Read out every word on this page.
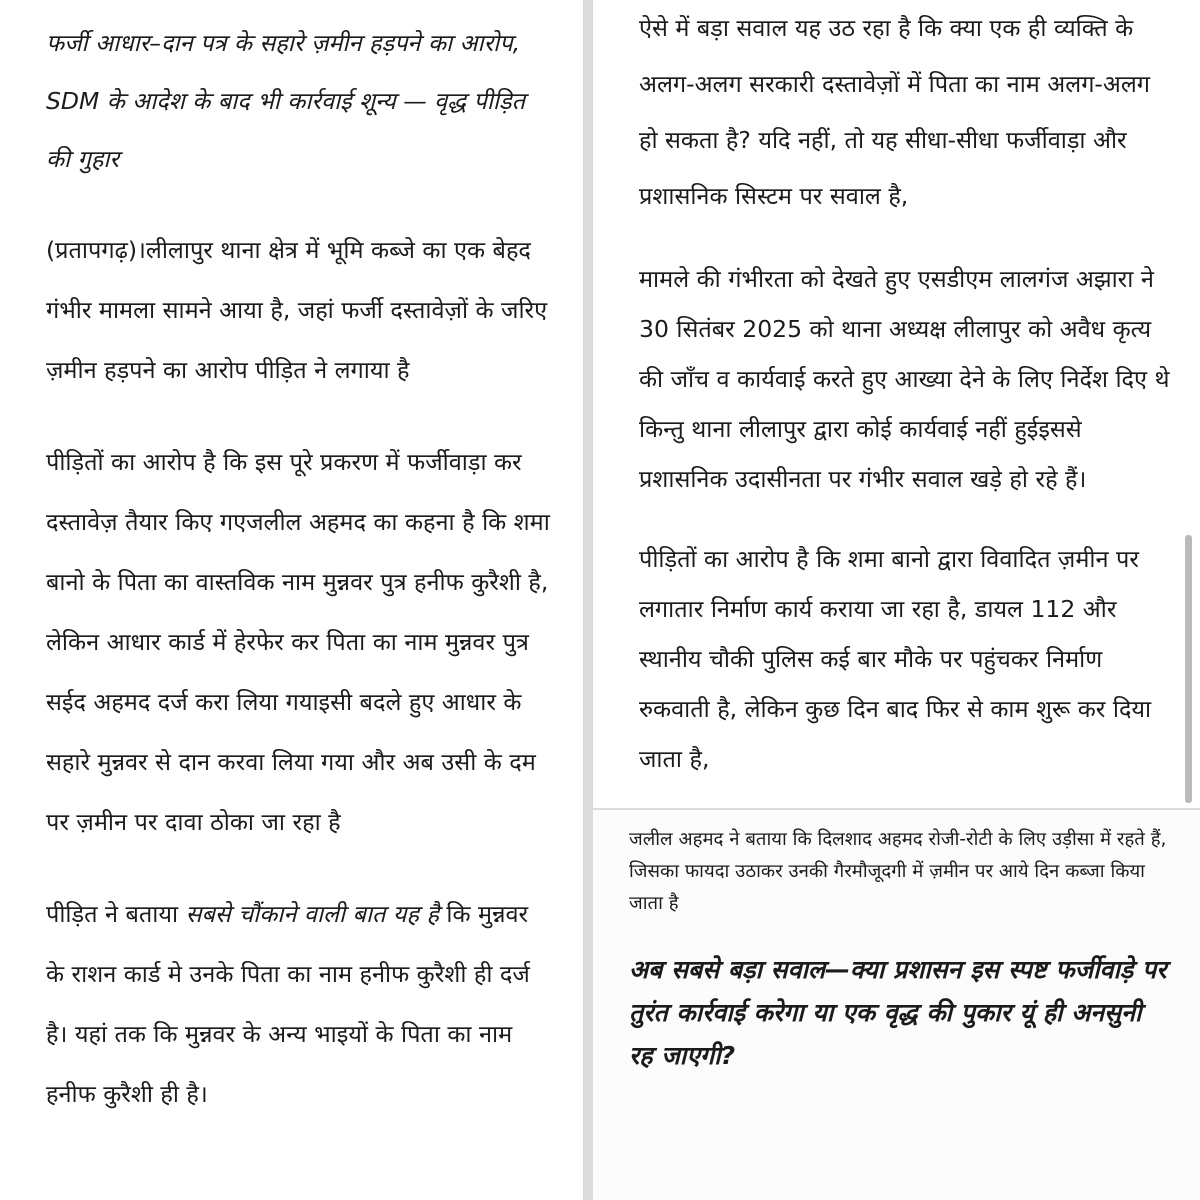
फर्जी आधार–दान पत्र के सहारे ज़मीन हड़पने का आरोप, SDM के आदेश के बाद भी कार्रवाई शून्य — वृद्ध पीड़ित की गुहार

(प्रतापगढ़)।लीलापुर थाना क्षेत्र में भूमि कब्जे का एक बेहद गंभीर मामला सामने आया है, जहां फर्जी दस्तावेज़ों के जरिए ज़मीन हड़पने का आरोप पीड़ित ने लगाया है

पीड़ितों का आरोप है कि इस पूरे प्रकरण में फर्जीवाड़ा कर दस्तावेज़ तैयार किए गएजलील अहमद का कहना है कि शमा बानो के पिता का वास्तविक नाम मुन्नवर पुत्र हनीफ कुरैशी है, लेकिन आधार कार्ड में हेरफेर कर पिता का नाम मुन्नवर पुत्र सईद अहमद दर्ज करा लिया गयाइसी बदले हुए आधार के सहारे मुन्नवर से दान करवा लिया गया और अब उसी के दम पर ज़मीन पर दावा ठोका जा रहा है

पीड़ित ने बताया सबसे चौंकाने वाली बात यह है कि मुन्नवर के राशन कार्ड मे उनके पिता का नाम हनीफ कुरैशी ही दर्ज है। यहां तक कि मुन्नवर के अन्य भाइयों के पिता का नाम हनीफ कुरैशी ही है।

ऐसे में बड़ा सवाल यह उठ रहा है कि क्या एक ही व्यक्ति के अलग-अलग सरकारी दस्तावेज़ों में पिता का नाम अलग-अलग हो सकता है? यदि नहीं, तो यह सीधा-सीधा फर्जीवाड़ा और प्रशासनिक सिस्टम पर सवाल है,

मामले की गंभीरता को देखते हुए एसडीएम लालगंज अझारा ने 30 सितंबर 2025 को थाना अध्यक्ष लीलापुर को अवैध कृत्य की जाँच व कार्यवाई करते हुए आख्या देने के लिए निर्देश दिए थे किन्तु थाना लीलापुर द्वारा कोई कार्यवाई नहीं हुईइससे प्रशासनिक उदासीनता पर गंभीर सवाल खड़े हो रहे हैं।

पीड़ितों का आरोप है कि शमा बानो द्वारा विवादित ज़मीन पर लगातार निर्माण कार्य कराया जा रहा है, डायल 112 और स्थानीय चौकी पुलिस कई बार मौके पर पहुंचकर निर्माण रुकवाती है, लेकिन कुछ दिन बाद फिर से काम शुरू कर दिया जाता है,

जलील अहमद ने बताया कि दिलशाद अहमद रोजी-रोटी के लिए उड़ीसा में रहते हैं, जिसका फायदा उठाकर उनकी गैरमौजूदगी में ज़मीन पर आये दिन कब्जा किया जाता है

अब सबसे बड़ा सवाल—क्या प्रशासन इस स्पष्ट फर्जीवाड़े पर तुरंत कार्रवाई करेगा या एक वृद्ध की पुकार यूं ही अनसुनी रह जाएगी?
